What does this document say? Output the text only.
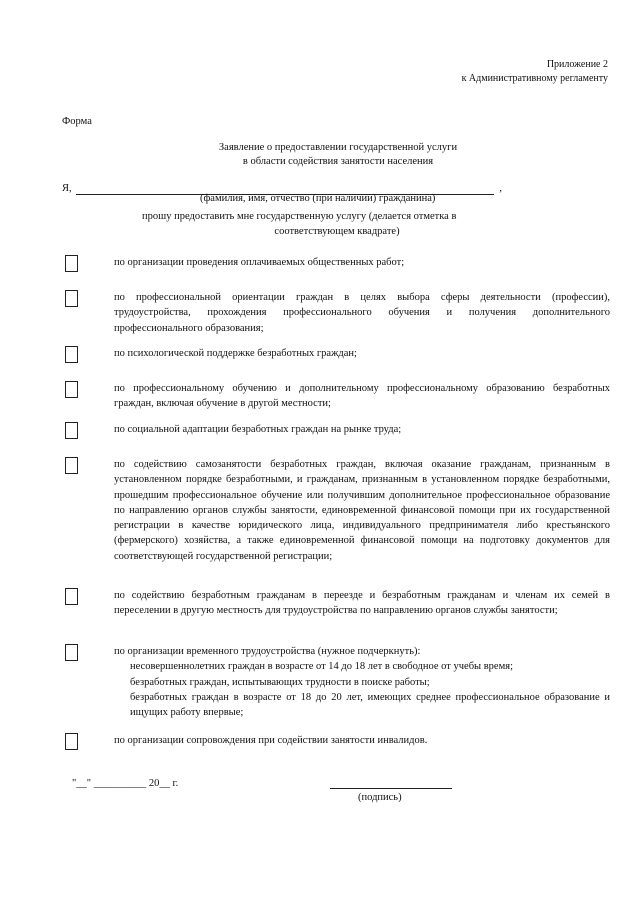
Приложение 2
к Административному регламенту
Форма
Заявление о предоставлении государственной услуги
в области содействия занятости населения
Я,	,
(фамилия, имя, отчество (при наличии) гражданина)
прошу предоставить мне государственную услугу (делается отметка в
соответствующем квадрате)
по организации проведения оплачиваемых общественных работ;
по профессиональной ориентации граждан в целях выбора сферы деятельности (профессии), трудоустройства, прохождения профессионального обучения и получения дополнительного профессионального образования;
по психологической поддержке безработных граждан;
по профессиональному обучению и дополнительному профессиональному образованию безработных граждан, включая обучение в другой местности;
по социальной адаптации безработных граждан на рынке труда;
по содействию самозанятости безработных граждан, включая оказание гражданам, признанным в установленном порядке безработными, и гражданам, признанным в установленном порядке безработными, прошедшим профессиональное обучение или получившим дополнительное профессиональное образование по направлению органов службы занятости, единовременной финансовой помощи при их государственной регистрации в качестве юридического лица, индивидуального предпринимателя либо крестьянского (фермерского) хозяйства, а также единовременной финансовой помощи на подготовку документов для соответствующей государственной регистрации;
по содействию безработным гражданам в переезде и безработным гражданам и членам их семей в переселении в другую местность для трудоустройства по направлению органов службы занятости;
по организации временного трудоустройства (нужное подчеркнуть):
несовершеннолетних граждан в возрасте от 14 до 18 лет в свободное от учебы время;
безработных граждан, испытывающих трудности в поиске работы;
безработных граждан в возрасте от 18 до 20 лет, имеющих среднее профессиональное образование и ищущих работу впервые;
по организации сопровождения при содействии занятости инвалидов.
"__" __________ 20__ г.
(подпись)
